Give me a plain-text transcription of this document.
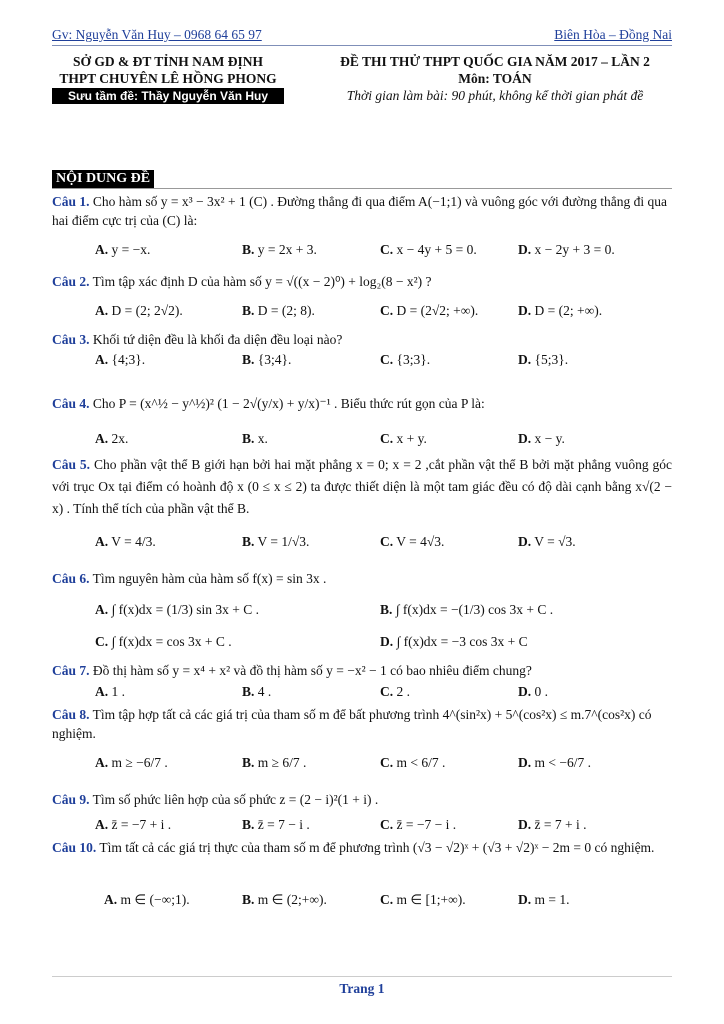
Gv: Nguyễn Văn Huy – 0968 64 65 97	Biên Hòa – Đồng Nai
SỞ GD & ĐT TỈNH NAM ĐỊNH
THPT CHUYÊN LÊ HỒNG PHONG
Sưu tầm đề: Thầy Nguyễn Văn Huy
ĐỀ THI THỬ THPT QUỐC GIA NĂM 2017 – LẦN 2
Môn: TOÁN
Thời gian làm bài: 90 phút, không kể thời gian phát đề
NỘI DUNG ĐỀ
Câu 1. Cho hàm số y = x³ − 3x² + 1 (C) . Đường thẳng đi qua điểm A(−1;1) và vuông góc với đường thẳng đi qua hai điểm cực trị của (C) là:
A. y = −x.	B. y = 2x + 3.	C. x − 4y + 5 = 0.	D. x − 2y + 3 = 0.
Câu 2. Tìm tập xác định D của hàm số y = √((x − 2)⁰) + log₂(8 − x²) ?
A. D = (2; 2√2).	B. D = (2; 8).	C. D = (2√2; +∞).	D. D = (2; +∞).
Câu 3. Khối tứ diện đều là khối đa diện đều loại nào?
A. {4;3}.	B. {3;4}.	C. {3;3}.	D. {5;3}.
Câu 4. Cho P = (x^½ − y^½)² (1 − 2√(y/x) + y/x)⁻¹ . Biểu thức rút gọn của P là:
A. 2x.	B. x.	C. x + y.	D. x − y.
Câu 5. Cho phần vật thể B giới hạn bởi hai mặt phẳng x = 0; x = 2 ,cắt phần vật thể B bởi mặt phẳng vuông góc với trục Ox tại điểm có hoành độ x (0 ≤ x ≤ 2) ta được thiết diện là một tam giác đều có độ dài cạnh bằng x√(2 − x) . Tính thể tích của phần vật thể B.
A. V = 4/3.	B. V = 1/√3.	C. V = 4√3.	D. V = √3.
Câu 6. Tìm nguyên hàm của hàm số f(x) = sin 3x .
A. ∫ f(x)dx = (1/3) sin 3x + C .	B. ∫ f(x)dx = −(1/3) cos 3x + C .
C. ∫ f(x)dx = cos 3x + C .	D. ∫ f(x)dx = −3 cos 3x + C
Câu 7. Đồ thị hàm số y = x⁴ + x² và đồ thị hàm số y = −x² − 1 có bao nhiêu điểm chung?
A. 1 .	B. 4 .	C. 2 .	D. 0 .
Câu 8. Tìm tập hợp tất cả các giá trị của tham số m để bất phương trình 4^(sin²x) + 5^(cos²x) ≤ m.7^(cos²x) có nghiệm.
A. m ≥ −6/7 .	B. m ≥ 6/7 .	C. m < 6/7 .	D. m < −6/7 .
Câu 9. Tìm số phức liên hợp của số phức z = (2 − i)²(1 + i) .
A. z̄ = −7 + i .	B. z̄ = 7 − i .	C. z̄ = −7 − i .	D. z̄ = 7 + i .
Câu 10. Tìm tất cả các giá trị thực của tham số m để phương trình (√3 − √2)ˣ + (√3 + √2)ˣ − 2m = 0 có nghiệm.
A. m ∈ (−∞;1).	B. m ∈ (2;+∞).	C. m ∈ [1;+∞).	D. m = 1.
Trang 1
